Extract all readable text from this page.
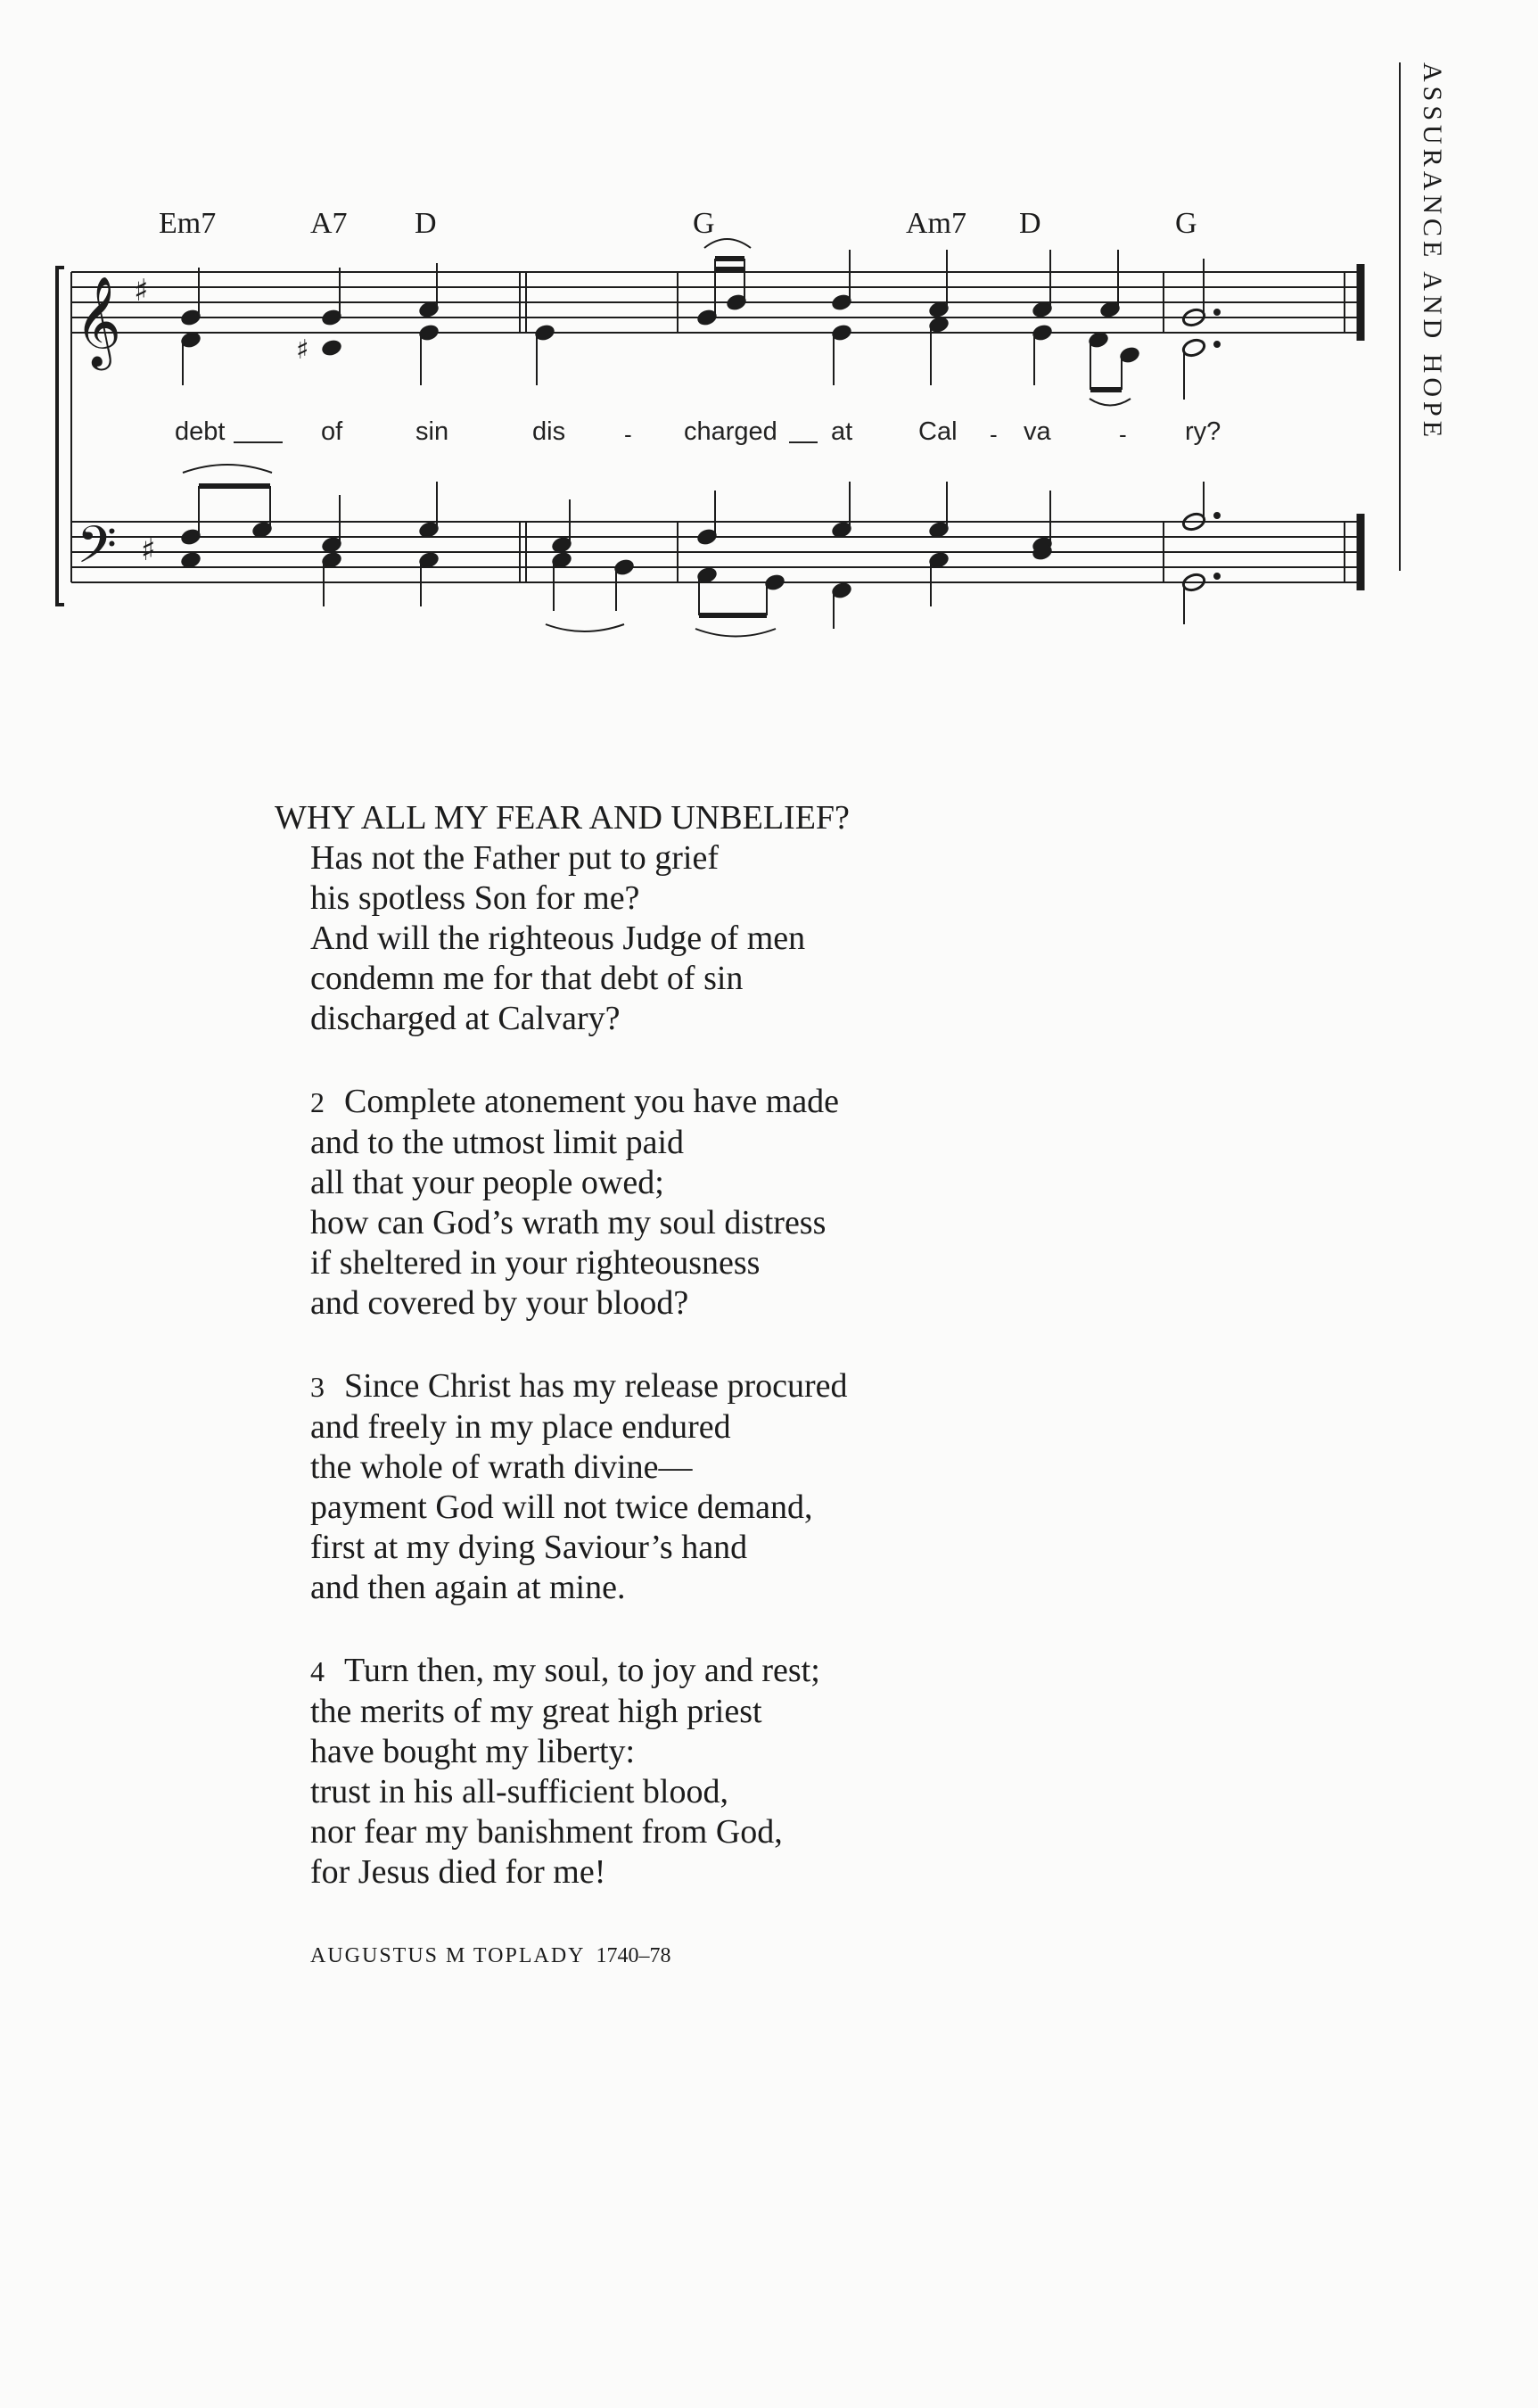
ASSURANCE AND HOPE
𝄞 ♯
𝄢 ♯
♯
Em7	A7 D	G	Am7 D	G
debt	of	sin	dis	- charged at	Cal - va	- ry?
WHY ALL MY FEAR AND UNBELIEF?
Has not the Father put to grief
his spotless Son for me?
And will the righteous Judge of men
condemn me for that debt of sin
discharged at Calvary?
2 Complete atonement you have made
and to the utmost limit paid
all that your people owed;
how can God’s wrath my soul distress
if sheltered in your righteousness
and covered by your blood?
3 Since Christ has my release procured
and freely in my place endured
the whole of wrath divine—
payment God will not twice demand,
first at my dying Saviour’s hand
and then again at mine.
4 Turn then, my soul, to joy and rest;
the merits of my great high priest
have bought my liberty:
trust in his all-sufficient blood,
nor fear my banishment from God,
for Jesus died for me!
AUGUSTUS M TOPLADY 1740–78
